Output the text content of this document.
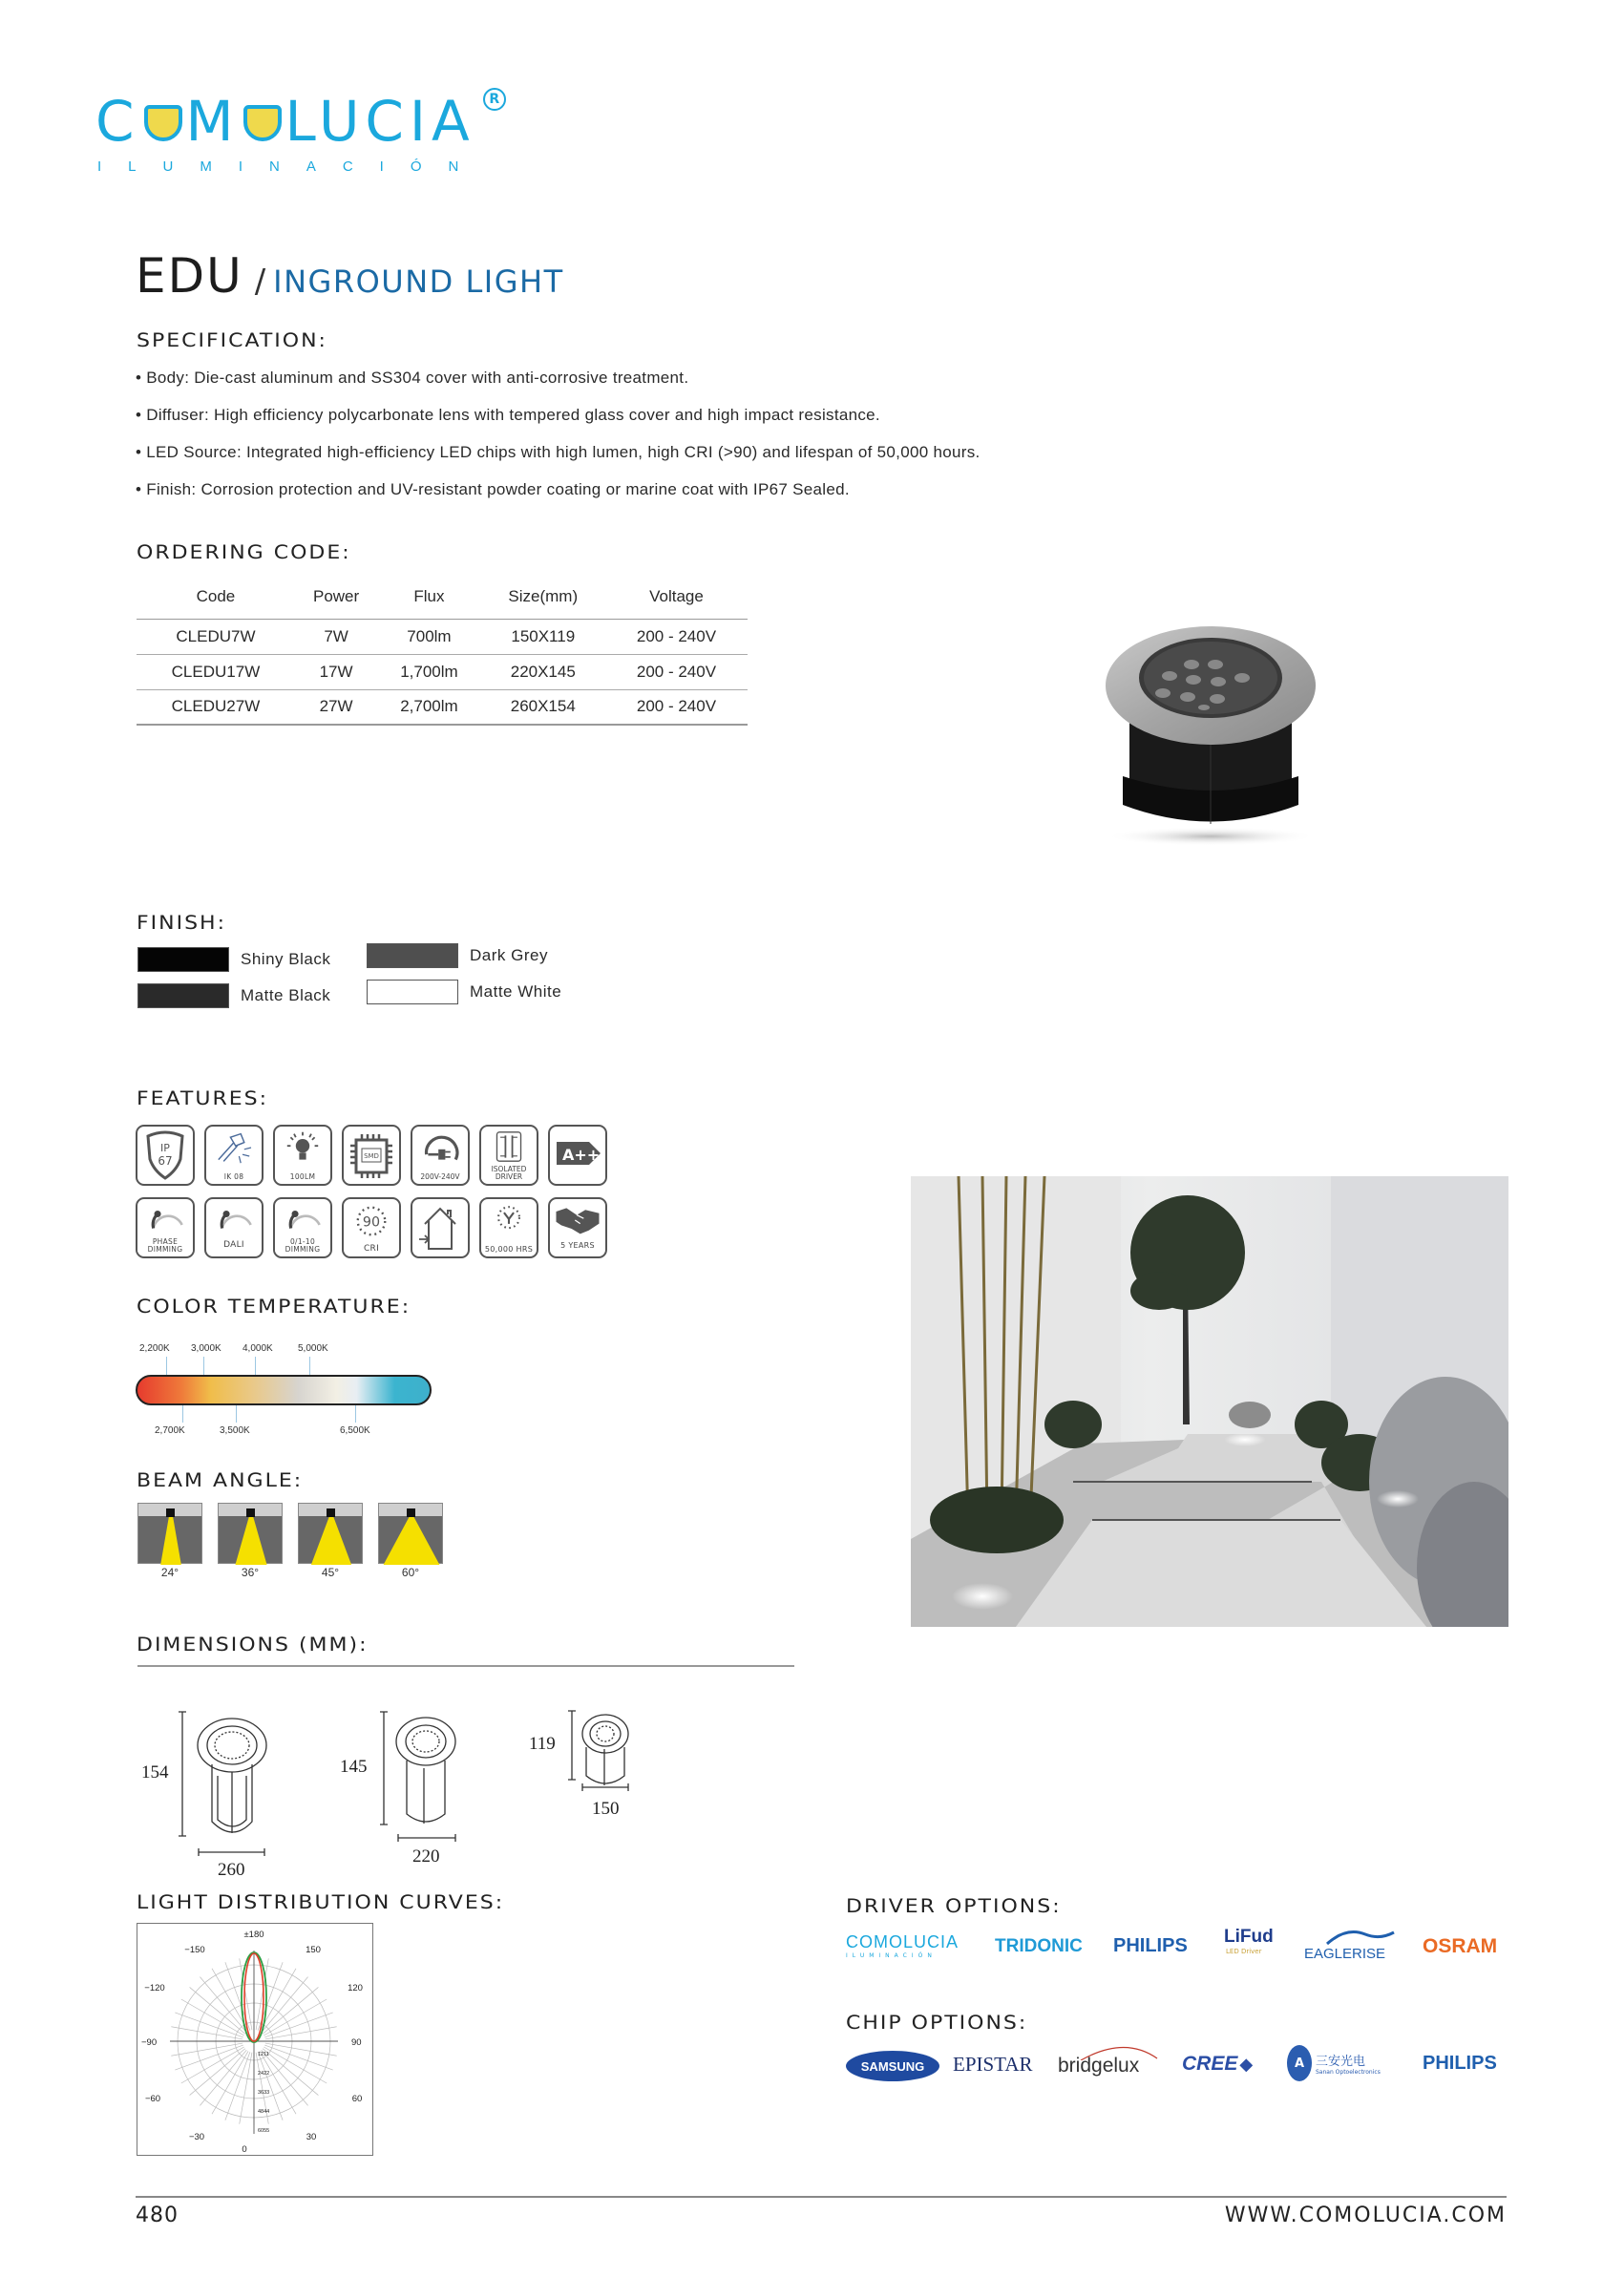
C M LUCIA	R
ILUMINACIÓN
EDU / INGROUND LIGHT
SPECIFICATION:
• Body: Die-cast aluminum and SS304 cover with anti-corrosive treatment.
• Diffuser: High efficiency polycarbonate lens with tempered glass cover and high impact resistance.
• LED Source: Integrated high-efficiency LED chips with high lumen, high CRI (>90) and lifespan of 50,000 hours.
• Finish: Corrosion protection and UV-resistant powder coating or marine coat with IP67 Sealed.
ORDERING CODE:
Code	Power	Flux	Size(mm)	Voltage
CLEDU7W	7W	700lm	150X119	200 - 240V
CLEDU17W	17W	1,700lm	220X145	200 - 240V
CLEDU27W	27W	2,700lm	260X154	200 - 240V
FINISH:
Shiny Black	Dark Grey
Matte Black	Matte White
FEATURES:
IP
67
IK 08	100LM
SMD
200V-240V
ISOLATED DRIVER
A++
PHASE DIMMING
DALI	0/1-10 DIMMING
90
CRI	50,000 HRS	5 YEARS
COLOR TEMPERATURE:
2,200K 3,000K 4,000K	5,000K
2,700K	3,500K	6,500K
BEAM ANGLE:
24°	36°	45°	60°
DIMENSIONS (MM):
154
260
145
220
119
150
LIGHT DISTRIBUTION CURVES:
±180
−150	150
−120	120
−90	90
−60	60
−30	30
0
1211
2422
3633
4844
6055
DRIVER OPTIONS:
COMOLUCIA
ILUMINACIÓN	TRIDONIC PHILIPS LiFud
LED Driver	EAGLERISE OSRAM
CHIP OPTIONS:
SAMSUNG EPISTAR bridgelux CREE ◆	A 三安光电
Sanan Optoelectronics PHILIPS
480	WWW.COMOLUCIA.COM
